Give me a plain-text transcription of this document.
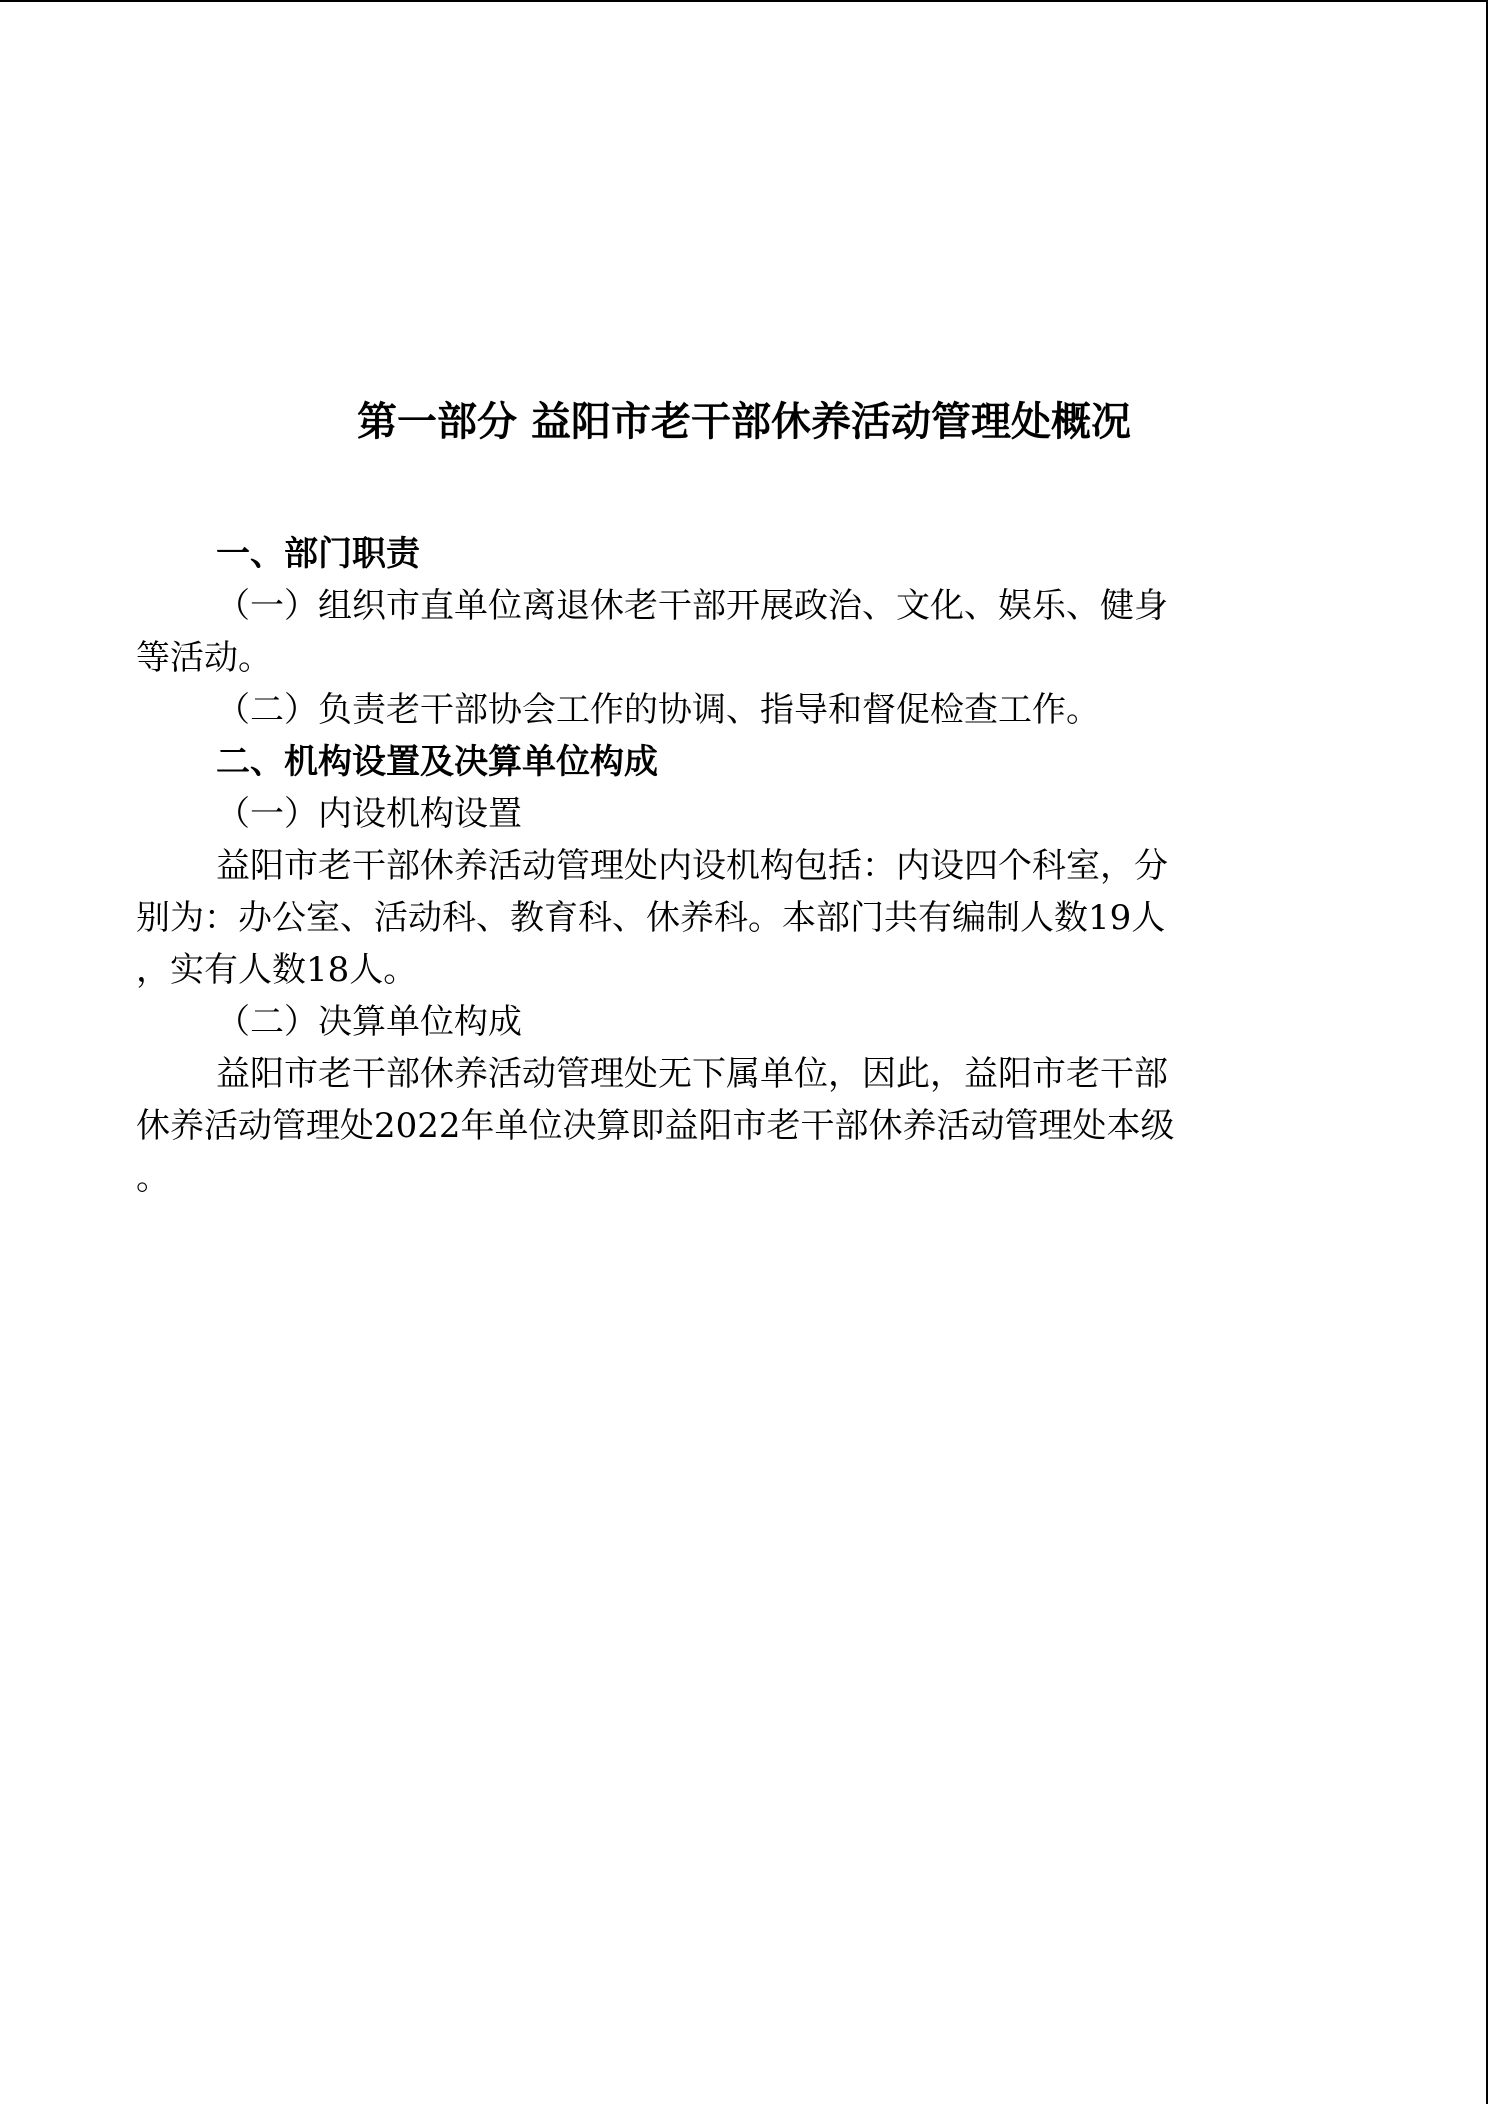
第一部分 益阳市老干部休养活动管理处概况
一、部门职责
（一）组织市直单位离退休老干部开展政治、文化、娱乐、健身
等活动。
（二）负责老干部协会工作的协调、指导和督促检查工作。
二、机构设置及决算单位构成
（一）内设机构设置
益阳市老干部休养活动管理处内设机构包括：内设四个科室，分
别为：办公室、活动科、教育科、休养科。本部门共有编制人数19人
，实有人数18人。
（二）决算单位构成
益阳市老干部休养活动管理处无下属单位，因此，益阳市老干部
休养活动管理处2022年单位决算即益阳市老干部休养活动管理处本级
。
